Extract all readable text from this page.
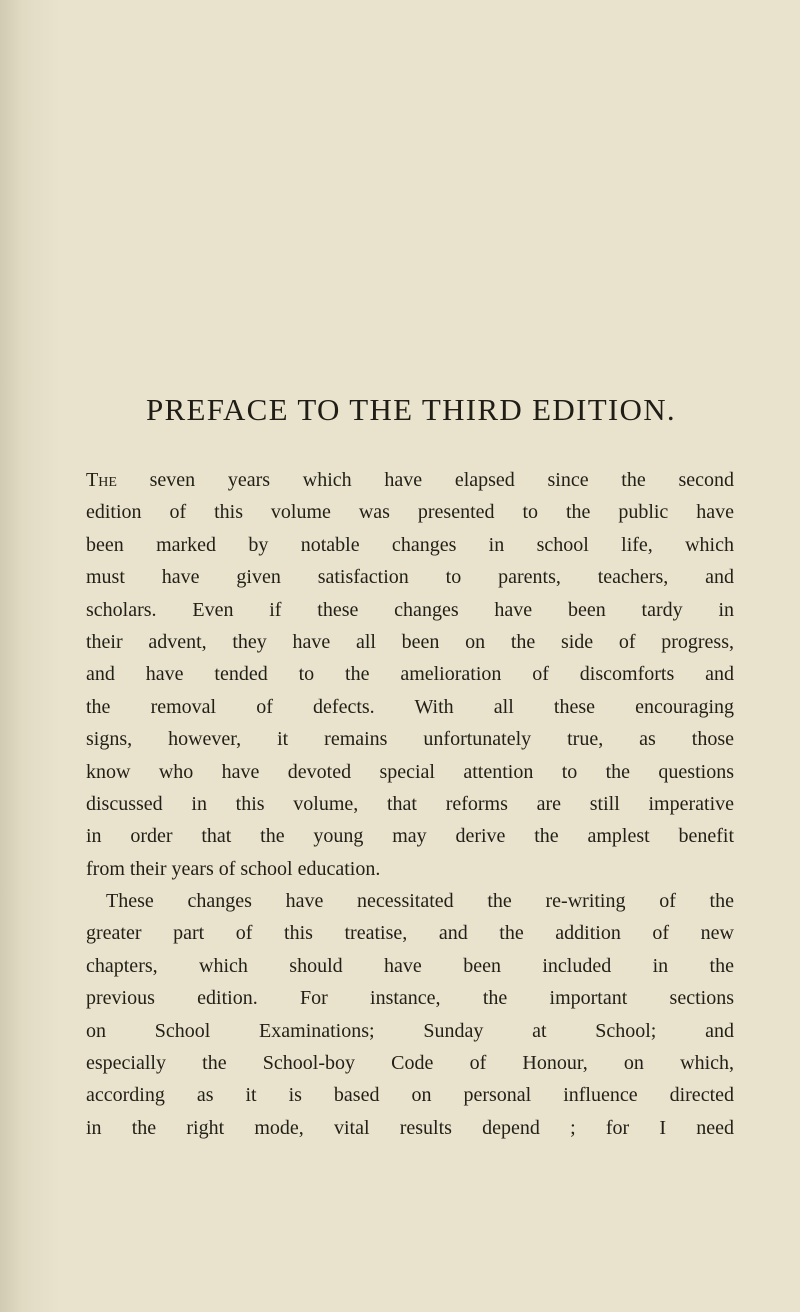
PREFACE TO THE THIRD EDITION.
The seven years which have elapsed since the second
edition of this volume was presented to the public have
been marked by notable changes in school life, which
must have given satisfaction to parents, teachers, and
scholars. Even if these changes have been tardy in
their advent, they have all been on the side of progress,
and have tended to the amelioration of discomforts and
the removal of defects. With all these encouraging
signs, however, it remains unfortunately true, as those
know who have devoted special attention to the questions
discussed in this volume, that reforms are still imperative
in order that the young may derive the amplest benefit
from their years of school education.
These changes have necessitated the re-writing of the
greater part of this treatise, and the addition of new
chapters, which should have been included in the
previous edition. For instance, the important sections
on School Examinations; Sunday at School; and
especially the School-boy Code of Honour, on which,
according as it is based on personal influence directed
in the right mode, vital results depend ; for I need
